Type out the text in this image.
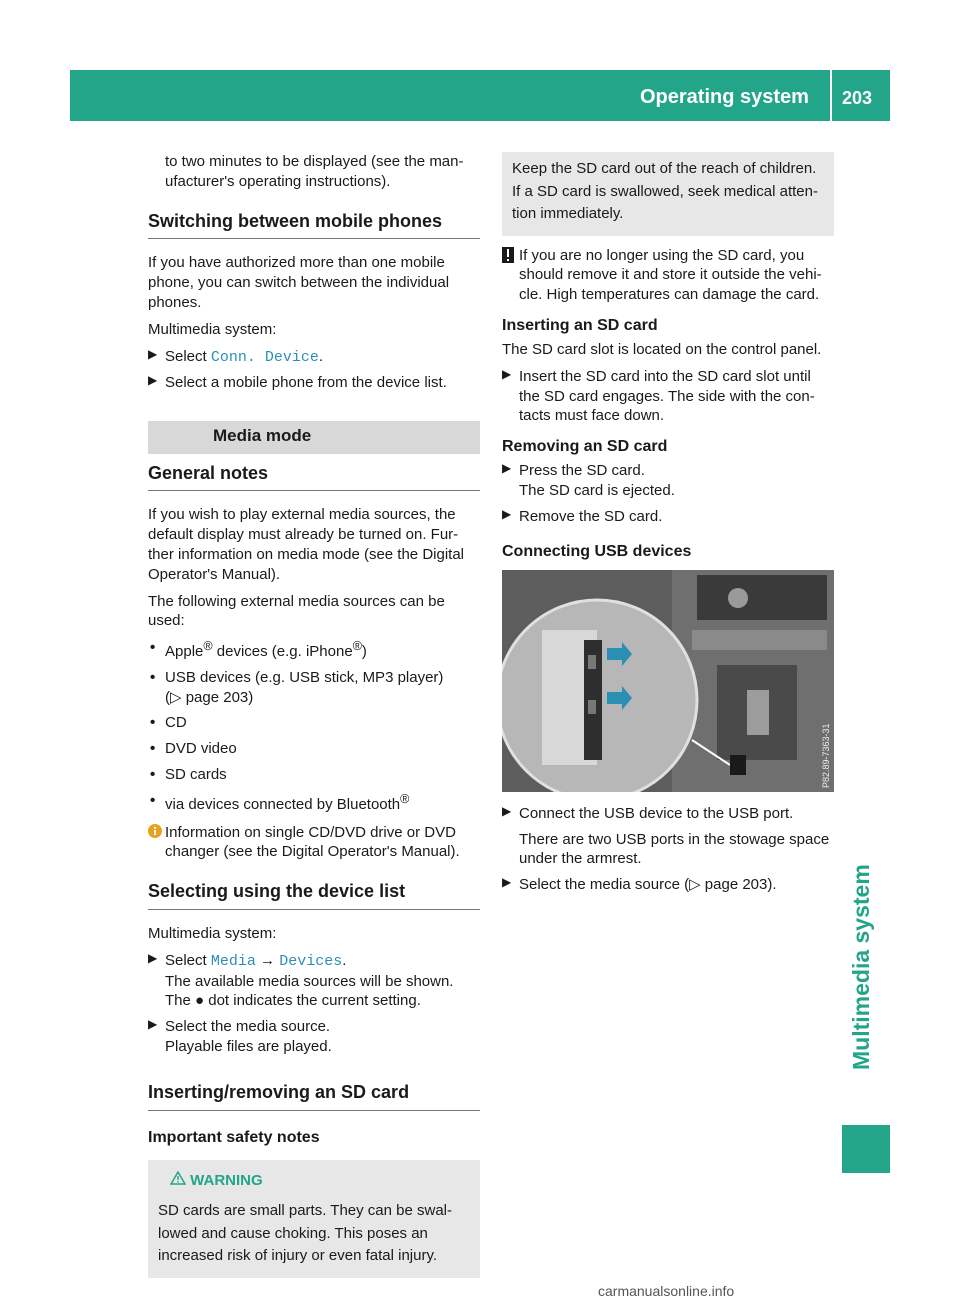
Operating system 203
Multimedia system

to two minutes to be displayed (see the man-ufacturer's operating instructions).

Switching between mobile phones

If you have authorized more than one mobile phone, you can switch between the individual phones.

Multimedia system:

▶ Select Conn. Device.
▶ Select a mobile phone from the device list.
Media mode
General notes

If you wish to play external media sources, the default display must already be turned on. Fur-ther information on media mode (see the Digital Operator's Manual).

The following external media sources can be used:

• Apple® devices (e.g. iPhone®)
• USB devices (e.g. USB stick, MP3 player)
(▷ page 203)
• CD
• DVD video
• SD cards
• via devices connected by Bluetooth®
Information on single CD/DVD drive or DVD changer (see the Digital Operator's Manual).
Selecting using the device list

Multimedia system:

▶ Select Media → Devices.
The available media sources will be shown.
The ● dot indicates the current setting.
▶ Select the media source.
Playable files are played.
Inserting/removing an SD card
Important safety notes
WARNING

SD cards are small parts. They can be swal-lowed and cause choking. This poses an increased risk of injury or even fatal injury.

Keep the SD card out of the reach of children. If a SD card is swallowed, seek medical atten-tion immediately.

If you are no longer using the SD card, you should remove it and store it outside the vehi-cle. High temperatures can damage the card.
Inserting an SD card

The SD card slot is located on the control panel.

▶ Insert the SD card into the SD card slot until the SD card engages. The side with the con-tacts must face down.
Removing an SD card
▶ Press the SD card.
The SD card is ejected.
▶ Remove the SD card.
Connecting USB devices
P82.89-7363-31
▶ Connect the USB device to the USB port.

There are two USB ports in the stowage space under the armrest.

▶ Select the media source (▷ page 203).
carmanualsonline.info
